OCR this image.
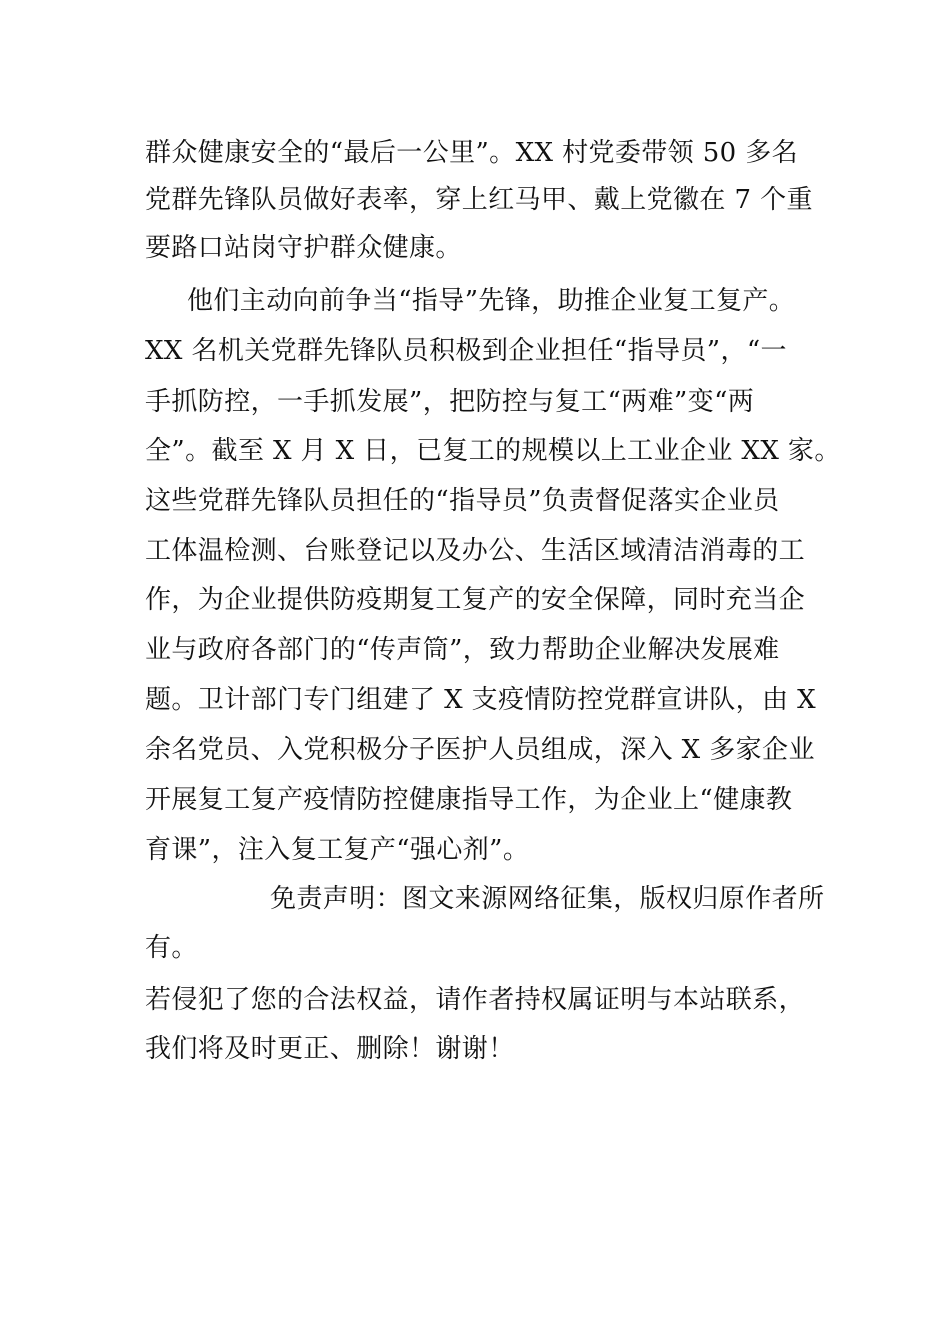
群众健康安全的“最后一公里”。XX 村党委带领 50 多名
党群先锋队员做好表率，穿上红马甲、戴上党徽在 7 个重
要路口站岗守护群众健康。
他们主动向前争当“指导”先锋，助推企业复工复产。
XX 名机关党群先锋队员积极到企业担任“指导员”，“一
手抓防控，一手抓发展”，把防控与复工“两难”变“两
全”。截至 X 月 X 日，已复工的规模以上工业企业 XX 家。
这些党群先锋队员担任的“指导员”负责督促落实企业员
工体温检测、台账登记以及办公、生活区域清洁消毒的工
作，为企业提供防疫期复工复产的安全保障，同时充当企
业与政府各部门的“传声筒”，致力帮助企业解决发展难
题。卫计部门专门组建了 X 支疫情防控党群宣讲队，由 X
余名党员、入党积极分子医护人员组成，深入 X 多家企业
开展复工复产疫情防控健康指导工作，为企业上“健康教
育课”，注入复工复产“强心剂”。
免责声明：图文来源网络征集，版权归原作者所
有。
若侵犯了您的合法权益，请作者持权属证明与本站联系，
我们将及时更正、删除！谢谢！
